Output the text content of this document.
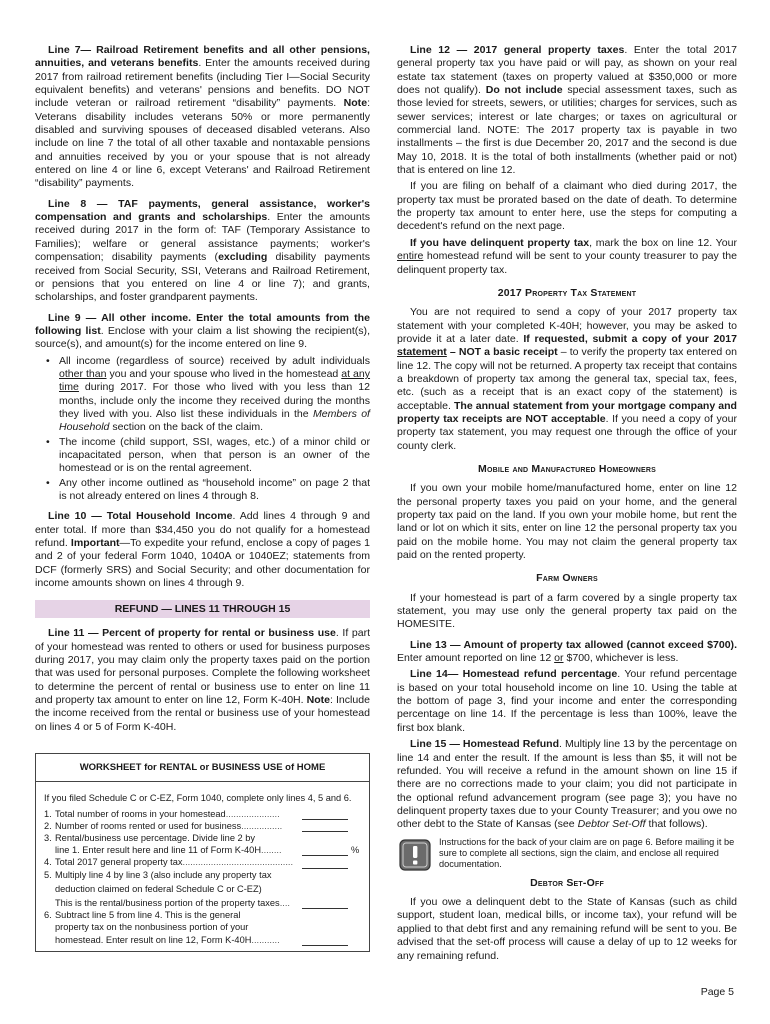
Line 7— Railroad Retirement benefits and all other pensions, annuities, and veterans benefits. Enter the amounts received during 2017 from railroad retirement benefits (including Tier I—Social Security equivalent benefits) and veterans' pensions and benefits. DO NOT include veteran or railroad retirement “disability” payments. Note: Veterans disability includes veterans 50% or more permanently disabled and surviving spouses of deceased disabled veterans. Also include on line 7 the total of all other taxable and nontaxable pensions and annuities received by you or your spouse that is not already entered on line 4 or line 6, except Veterans' and Railroad Retirement “disability” payments.

Line 8 — TAF payments, general assistance, worker's compensation and grants and scholarships. Enter the amounts received during 2017 in the form of: TAF (Temporary Assistance to Families); welfare or general assistance payments; worker's compensation; disability payments (excluding disability payments received from Social Security, SSI, Veterans and Railroad Retirement, or pensions that you entered on line 4 or line 7); and grants, scholarships, and foster grandparent payments.

Line 9 — All other income. Enter the total amounts from the following list. Enclose with your claim a list showing the recipient(s), source(s), and amount(s) for the income entered on line 9.

• All income (regardless of source) received by adult individuals other than you and your spouse who lived in the homestead at any time during 2017. For those who lived with you less than 12 months, include only the income they received during the months they lived with you. Also list these individuals in the Members of Household section on the back of the claim.
• The income (child support, SSI, wages, etc.) of a minor child or incapacitated person, when that person is an owner of the homestead or is on the rental agreement.
• Any other income outlined as “household income” on page 2 that is not already entered on lines 4 through 8.

Line 10 — Total Household Income. Add lines 4 through 9 and enter total. If more than $34,450 you do not qualify for a homestead refund. Important—To expedite your refund, enclose a copy of pages 1 and 2 of your federal Form 1040, 1040A or 1040EZ; statements from DCF (formerly SRS) and Social Security; and other documentation for income amounts shown on lines 4 through 9.

REFUND — LINES 11 THROUGH 15

Line 11 — Percent of property for rental or business use. If part of your homestead was rented to others or used for business purposes during 2017, you may claim only the property taxes paid on the portion that was used for personal purposes. Complete the following worksheet to determine the percent of rental or business use to enter on line 11 and property tax amount to enter on line 12, Form K-40H. Note: Include the income received from the rental or business use of your homestead on lines 4 or 5 of Form K-40H.

WORKSHEET for RENTAL or BUSINESS USE of HOME
If you filed Schedule C or C-EZ, Form 1040, complete only lines 4, 5 and 6.
1. Total number of rooms in your homestead .....................
2. Number of rooms rented or used for business ................
3. Rental/business use percentage. Divide line 2 by
line 1. Enter result here and line 11 of Form K-40H ........	%
4. Total 2017 general property tax ...........................................
5. Multiply line 4 by line 3 (also include any property tax
deduction claimed on federal Schedule C or C-EZ)
This is the rental/business portion of the property taxes ....
6. Subtract line 5 from line 4. This is the general
property tax on the nonbusiness portion of your
homestead. Enter result on line 12, Form K-40H ...........

Line 12 — 2017 general property taxes. Enter the total 2017 general property tax you have paid or will pay, as shown on your real estate tax statement (taxes on property valued at $350,000 or more does not qualify). Do not include special assessment taxes, such as those levied for streets, sewers, or utilities; charges for services, such as sewer services; interest or late charges; or taxes on agricultural or commercial land. NOTE: The 2017 property tax is payable in two installments – the first is due December 20, 2017 and the second is due May 10, 2018. It is the total of both installments (whether paid or not) that is entered on line 12.

If you are filing on behalf of a claimant who died during 2017, the property tax must be prorated based on the date of death. To determine the property tax amount to enter here, use the steps for computing a decedent's refund on the next page.

If you have delinquent property tax, mark the box on line 12. Your entire homestead refund will be sent to your county treasurer to pay the delinquent property tax.

2017 Property Tax Statement

You are not required to send a copy of your 2017 property tax statement with your completed K-40H; however, you may be asked to provide it at a later date. If requested, submit a copy of your 2017 statement – NOT a basic receipt – to verify the property tax entered on line 12. The copy will not be returned. A property tax receipt that contains a breakdown of property tax among the general tax, special tax, fees, etc. (such as a receipt that is an exact copy of the statement) is acceptable. The annual statement from your mortgage company and property tax receipts are NOT acceptable. If you need a copy of your property tax statement, you may request one through the office of your county clerk.

Mobile and Manufactured Homeowners

If you own your mobile home/manufactured home, enter on line 12 the personal property taxes you paid on your home, and the general property tax paid on the land. If you own your mobile home, but rent the land or lot on which it sits, enter on line 12 the personal property tax you paid on the mobile home. You may not claim the general property tax paid on the rented property.

Farm Owners

If your homestead is part of a farm covered by a single property tax statement, you may use only the general property tax paid on the HOMESITE.

Line 13 — Amount of property tax allowed (cannot exceed $700). Enter amount reported on line 12 or $700, whichever is less.

Line 14— Homestead refund percentage. Your refund percentage is based on your total household income on line 10. Using the table at the bottom of page 3, find your income and enter the corresponding percentage on line 14. If the percentage is less than 100%, leave the first box blank.

Line 15 — Homestead Refund. Multiply line 13 by the percentage on line 14 and enter the result. If the amount is less than $5, it will not be refunded. You will receive a refund in the amount shown on line 15 if there are no corrections made to your claim; you did not participate in the optional refund advancement program (see page 3); you have no delinquent property taxes due to your County Treasurer; and you owe no other debt to the State of Kansas (see Debtor Set-Off that follows).

Instructions for the back of your claim are on page 6. Before mailing it be sure to complete all sections, sign the claim, and enclose all required documentation.
Debtor Set-Off

If you owe a delinquent debt to the State of Kansas (such as child support, student loan, medical bills, or income tax), your refund will be applied to that debt first and any remaining refund will be sent to you. Be advised that the set-off process will cause a delay of up to 12 weeks for any remaining refund.

Page 5
